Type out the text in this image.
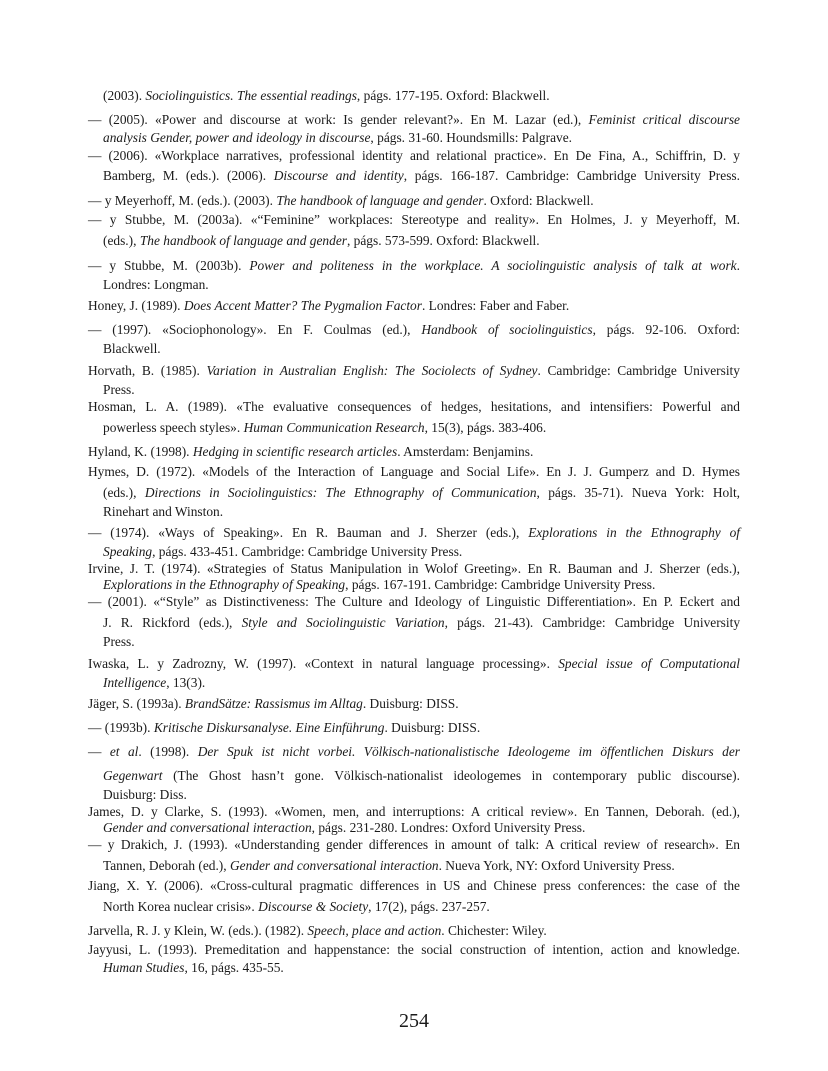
(2003). Sociolinguistics. The essential readings, págs. 177-195. Oxford: Blackwell.
— (2005). «Power and discourse at work: Is gender relevant?». En M. Lazar (ed.), Feminist critical discourse
analysis Gender, power and ideology in discourse, págs. 31-60. Houndsmills: Palgrave.
— (2006). «Workplace narratives, professional identity and relational practice». En De Fina, A., Schiffrin, D. y
Bamberg, M. (eds.). (2006). Discourse and identity, págs. 166-187. Cambridge: Cambridge University Press.
— y Meyerhoff, M. (eds.). (2003). The handbook of language and gender. Oxford: Blackwell.
— y Stubbe, M. (2003a). «“Feminine” workplaces: Stereotype and reality». En Holmes, J. y Meyerhoff, M.
(eds.), The handbook of language and gender, págs. 573-599. Oxford: Blackwell.
— y Stubbe, M. (2003b). Power and politeness in the workplace. A sociolinguistic analysis of talk at work.
Londres: Longman.
Honey, J. (1989). Does Accent Matter? The Pygmalion Factor. Londres: Faber and Faber.
— (1997). «Sociophonology». En F. Coulmas (ed.), Handbook of sociolinguistics, págs. 92-106. Oxford:
Blackwell.
Horvath, B. (1985). Variation in Australian English: The Sociolects of Sydney. Cambridge: Cambridge University
Press.
Hosman, L. A. (1989). «The evaluative consequences of hedges, hesitations, and intensifiers: Powerful and
powerless speech styles». Human Communication Research, 15(3), págs. 383-406.
Hyland, K. (1998). Hedging in scientific research articles. Amsterdam: Benjamins.
Hymes, D. (1972). «Models of the Interaction of Language and Social Life». En J. J. Gumperz and D. Hymes
(eds.), Directions in Sociolinguistics: The Ethnography of Communication, págs. 35-71). Nueva York: Holt,
Rinehart and Winston.
— (1974). «Ways of Speaking». En R. Bauman and J. Sherzer (eds.), Explorations in the Ethnography of
Speaking, págs. 433-451. Cambridge: Cambridge University Press.
Irvine, J. T. (1974). «Strategies of Status Manipulation in Wolof Greeting». En R. Bauman and J. Sherzer (eds.),
Explorations in the Ethnography of Speaking, págs. 167-191. Cambridge: Cambridge University Press.
— (2001). «“Style” as Distinctiveness: The Culture and Ideology of Linguistic Differentiation». En P. Eckert and
J. R. Rickford (eds.), Style and Sociolinguistic Variation, págs. 21-43). Cambridge: Cambridge University
Press.
Iwaska, L. y Zadrozny, W. (1997). «Context in natural language processing». Special issue of Computational
Intelligence, 13(3).
Jäger, S. (1993a). BrandSätze: Rassismus im Alltag. Duisburg: DISS.
— (1993b). Kritische Diskursanalyse. Eine Einführung. Duisburg: DISS.
— et al. (1998). Der Spuk ist nicht vorbei. Völkisch-nationalistische Ideologeme im öffentlichen Diskurs der
Gegenwart (The Ghost hasn’t gone. Völkisch-nationalist ideologemes in contemporary public discourse).
Duisburg: Diss.
James, D. y Clarke, S. (1993). «Women, men, and interruptions: A critical review». En Tannen, Deborah. (ed.),
Gender and conversational interaction, págs. 231-280. Londres: Oxford University Press.
— y Drakich, J. (1993). «Understanding gender differences in amount of talk: A critical review of research». En
Tannen, Deborah (ed.), Gender and conversational interaction. Nueva York, NY: Oxford University Press.
Jiang, X. Y. (2006). «Cross-cultural pragmatic differences in US and Chinese press conferences: the case of the
North Korea nuclear crisis». Discourse & Society, 17(2), págs. 237-257.
Jarvella, R. J. y Klein, W. (eds.). (1982). Speech, place and action. Chichester: Wiley.
Jayyusi, L. (1993). Premeditation and happenstance: the social construction of intention, action and knowledge.
Human Studies, 16, págs. 435-55.
254
